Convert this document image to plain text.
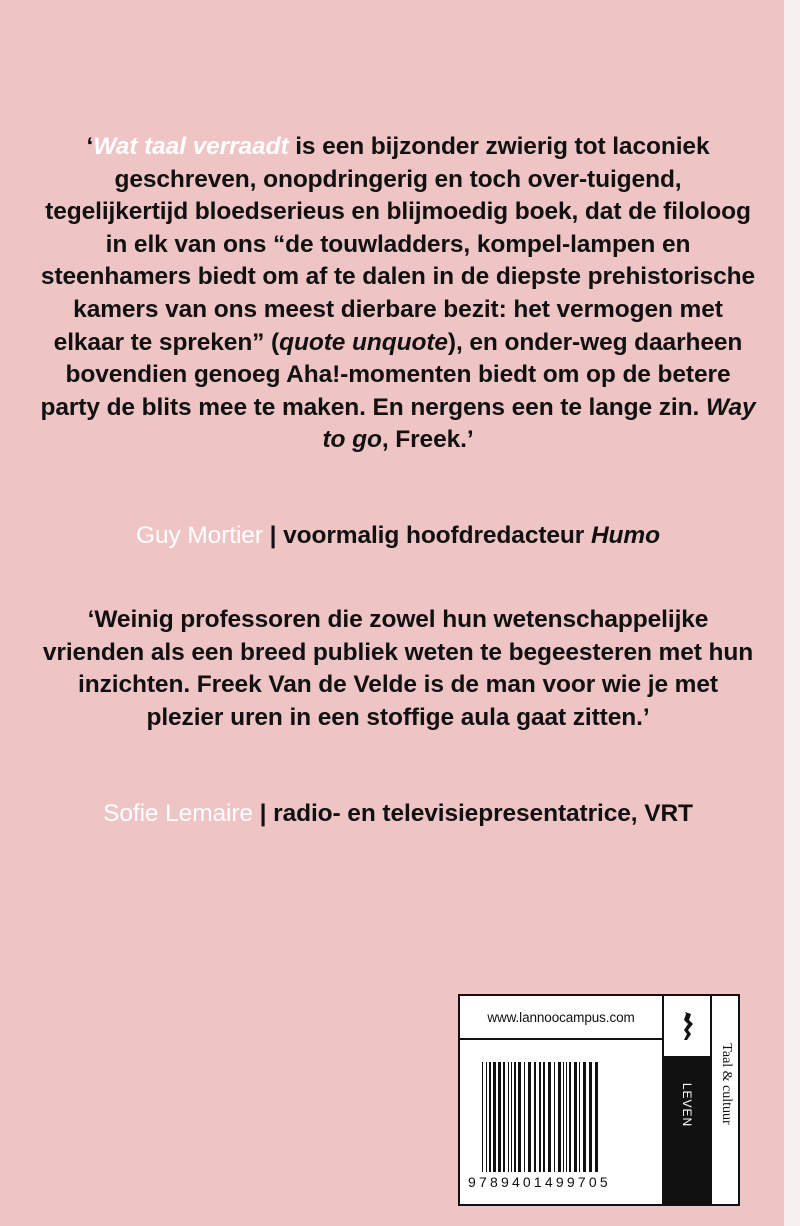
‘Wat taal verraadt is een bijzonder zwierig tot laconiek geschreven, onopdringerig en toch over-tuigend, tegelijkertijd bloedserieus en blijmoedig boek, dat de filoloog in elk van ons “de touwladders, kompel-lampen en steenhamers biedt om af te dalen in de diepste prehistorische kamers van ons meest dierbare bezit: het vermogen met elkaar te spreken” (quote unquote), en onder-weg daarheen bovendien genoeg Aha!-momenten biedt om op de betere party de blits mee te maken. En nergens een te lange zin. Way to go, Freek.’

Guy Mortier | voormalig hoofdredacteur Humo

‘Weinig professoren die zowel hun wetenschappelijke vrienden als een breed publiek weten te begeesteren met hun inzichten. Freek Van de Velde is de man voor wie je met plezier uren in een stoffige aula gaat zitten.’

Sofie Lemaire | radio- en televisiepresentatrice, VRT

www.lannoocampus.com
LEVEN Taal & cultuur
9789401499705
